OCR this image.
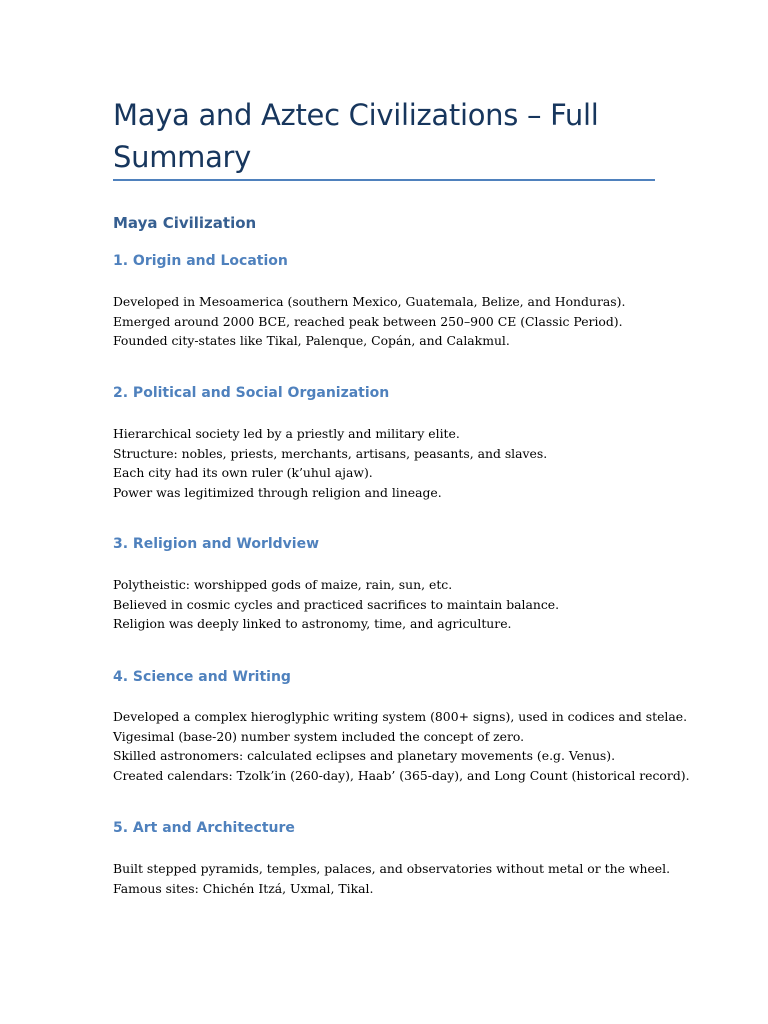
Maya and Aztec Civilizations – Full Summary
Maya Civilization
1. Origin and Location

Developed in Mesoamerica (southern Mexico, Guatemala, Belize, and Honduras).
Emerged around 2000 BCE, reached peak between 250–900 CE (Classic Period).
Founded city-states like Tikal, Palenque, Copán, and Calakmul.

2. Political and Social Organization

Hierarchical society led by a priestly and military elite.
Structure: nobles, priests, merchants, artisans, peasants, and slaves.
Each city had its own ruler (k’uhul ajaw).
Power was legitimized through religion and lineage.

3. Religion and Worldview

Polytheistic: worshipped gods of maize, rain, sun, etc.
Believed in cosmic cycles and practiced sacrifices to maintain balance.
Religion was deeply linked to astronomy, time, and agriculture.

4. Science and Writing

Developed a complex hieroglyphic writing system (800+ signs), used in codices and stelae.
Vigesimal (base-20) number system included the concept of zero.
Skilled astronomers: calculated eclipses and planetary movements (e.g. Venus).
Created calendars: Tzolk’in (260-day), Haab’ (365-day), and Long Count (historical record).

5. Art and Architecture

Built stepped pyramids, temples, palaces, and observatories without metal or the wheel.
Famous sites: Chichén Itzá, Uxmal, Tikal.
